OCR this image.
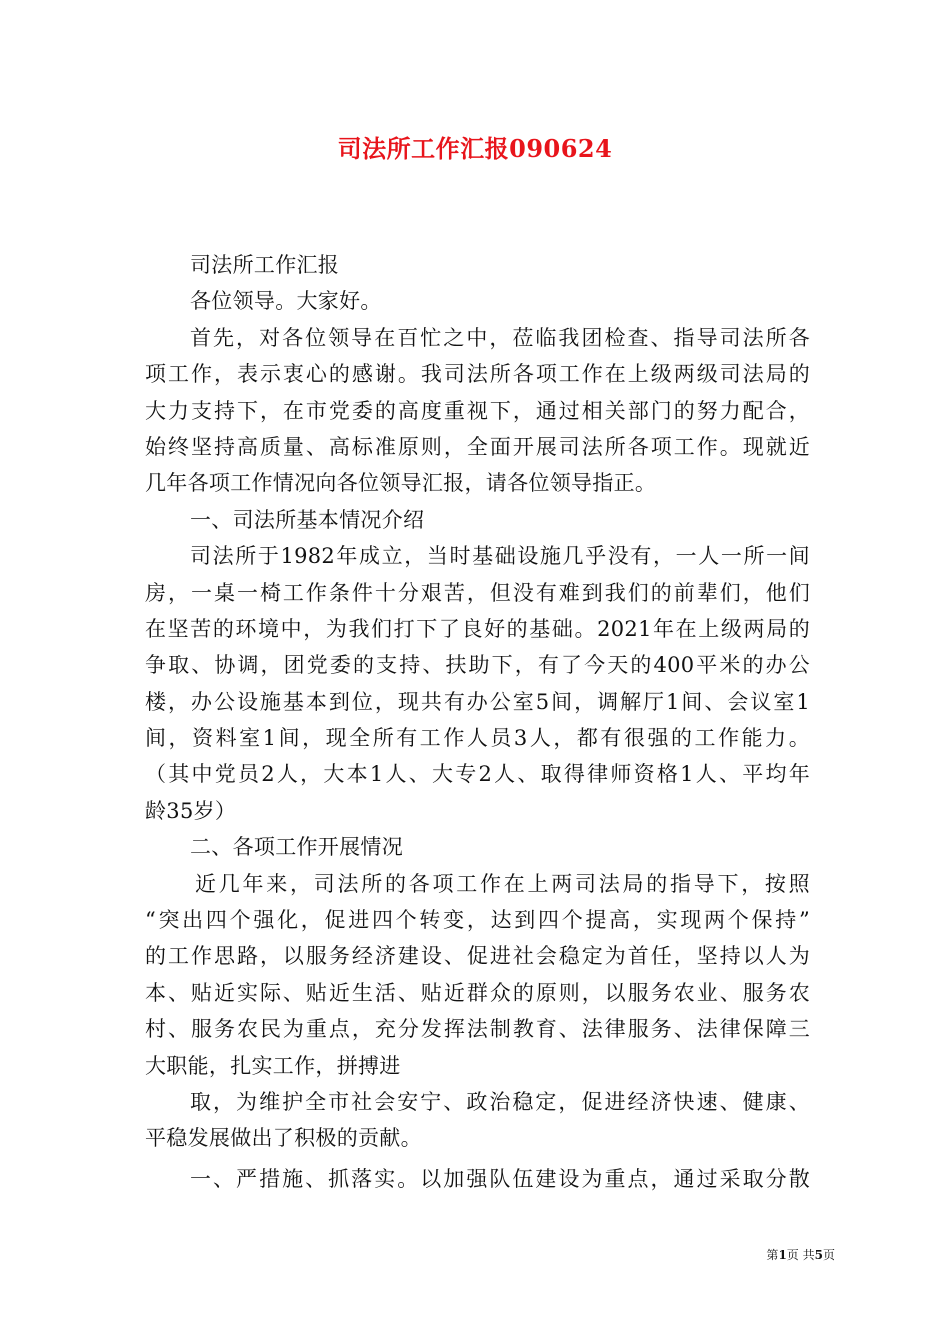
司法所工作汇报090624
司法所工作汇报
各位领导。大家好。
首先，对各位领导在百忙之中，莅临我团检查、指导司法所各
项工作，表示衷心的感谢。我司法所各项工作在上级两级司法局的
大力支持下，在市党委的高度重视下，通过相关部门的努力配合，
始终坚持高质量、高标准原则，全面开展司法所各项工作。现就近
几年各项工作情况向各位领导汇报，请各位领导指正。
一、司法所基本情况介绍
司法所于1982年成立，当时基础设施几乎没有，一人一所一间
房，一桌一椅工作条件十分艰苦，但没有难到我们的前辈们，他们
在坚苦的环境中，为我们打下了良好的基础。2021年在上级两局的
争取、协调，团党委的支持、扶助下，有了今天的400平米的办公
楼，办公设施基本到位，现共有办公室5间，调解厅1间、会议室1
间，资料室1间，现全所有工作人员3人，都有很强的工作能力。
（其中党员2人，大本1人、大专2人、取得律师资格1人、平均年
龄35岁）
二、各项工作开展情况
近几年来，司法所的各项工作在上两司法局的指导下，按照
“突出四个强化，促进四个转变，达到四个提高，实现两个保持”
的工作思路，以服务经济建设、促进社会稳定为首任，坚持以人为
本、贴近实际、贴近生活、贴近群众的原则，以服务农业、服务农
村、服务农民为重点，充分发挥法制教育、法律服务、法律保障三
大职能，扎实工作，拼搏进
取，为维护全市社会安宁、政治稳定，促进经济快速、健康、
平稳发展做出了积极的贡献。
一、严措施、抓落实。以加强队伍建设为重点，通过采取分散
第1页 共5页
